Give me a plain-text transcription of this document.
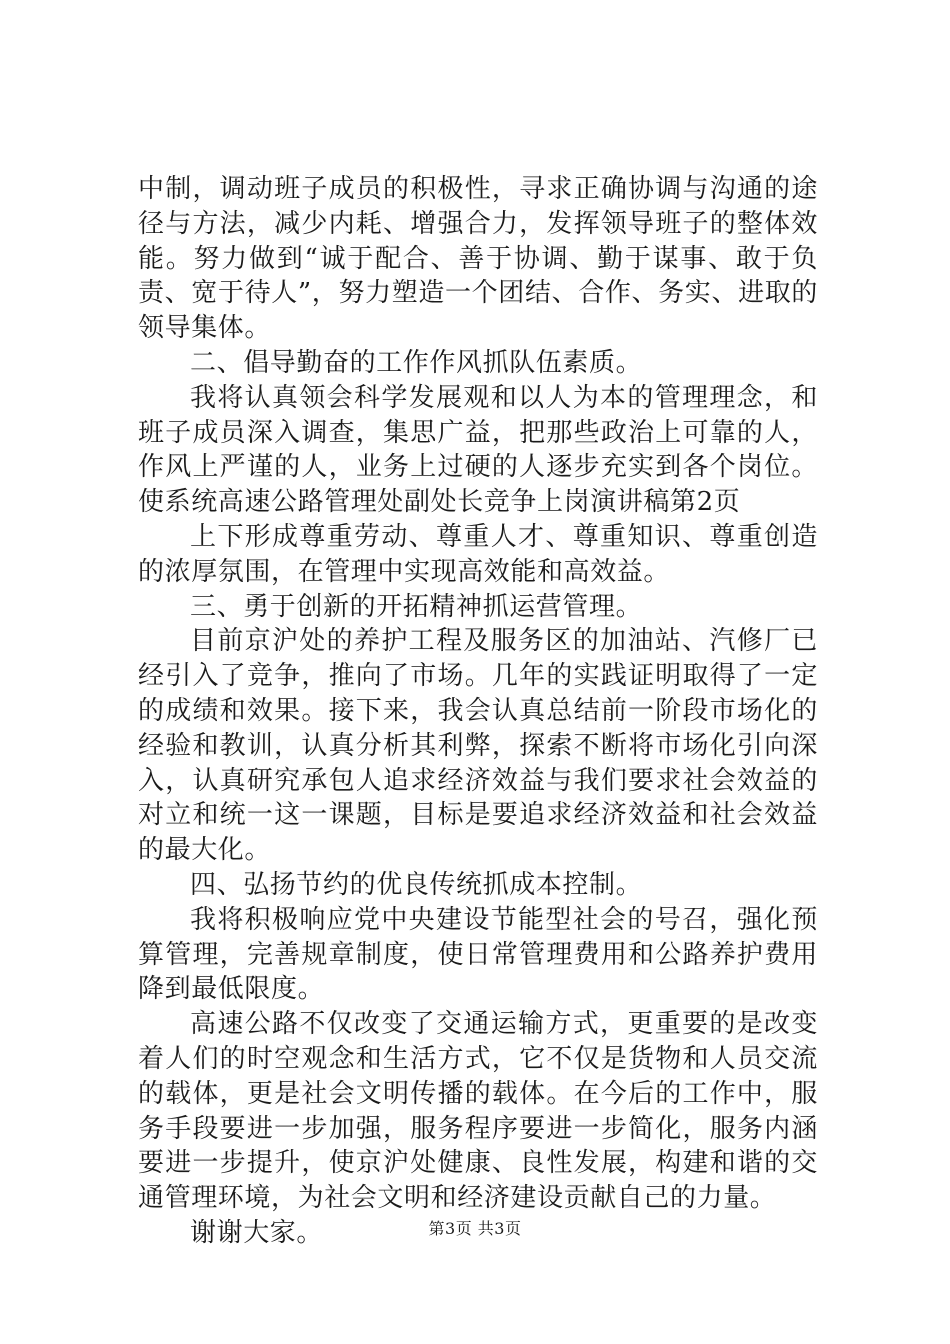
中制，调动班子成员的积极性，寻求正确协调与沟通的途径与方法，减少内耗、增强合力，发挥领导班子的整体效能。努力做到“诚于配合、善于协调、勤于谋事、敢于负责、宽于待人”，努力塑造一个团结、合作、务实、进取的领导集体。

二、倡导勤奋的工作作风抓队伍素质。

我将认真领会科学发展观和以人为本的管理理念，和班子成员深入调查，集思广益，把那些政治上可靠的人，作风上严谨的人，业务上过硬的人逐步充实到各个岗位。使系统高速公路管理处副处长竞争上岗演讲稿第2页

上下形成尊重劳动、尊重人才、尊重知识、尊重创造的浓厚氛围，在管理中实现高效能和高效益。

三、勇于创新的开拓精神抓运营管理。

目前京沪处的养护工程及服务区的加油站、汽修厂已经引入了竞争，推向了市场。几年的实践证明取得了一定的成绩和效果。接下来，我会认真总结前一阶段市场化的经验和教训，认真分析其利弊，探索不断将市场化引向深入，认真研究承包人追求经济效益与我们要求社会效益的对立和统一这一课题，目标是要追求经济效益和社会效益的最大化。

四、弘扬节约的优良传统抓成本控制。

我将积极响应党中央建设节能型社会的号召，强化预算管理，完善规章制度，使日常管理费用和公路养护费用降到最低限度。

高速公路不仅改变了交通运输方式，更重要的是改变着人们的时空观念和生活方式，它不仅是货物和人员交流的载体，更是社会文明传播的载体。在今后的工作中，服务手段要进一步加强，服务程序要进一步简化，服务内涵要进一步提升，使京沪处健康、良性发展，构建和谐的交通管理环境，为社会文明和经济建设贡献自己的力量。

谢谢大家。	第3页 共3页
